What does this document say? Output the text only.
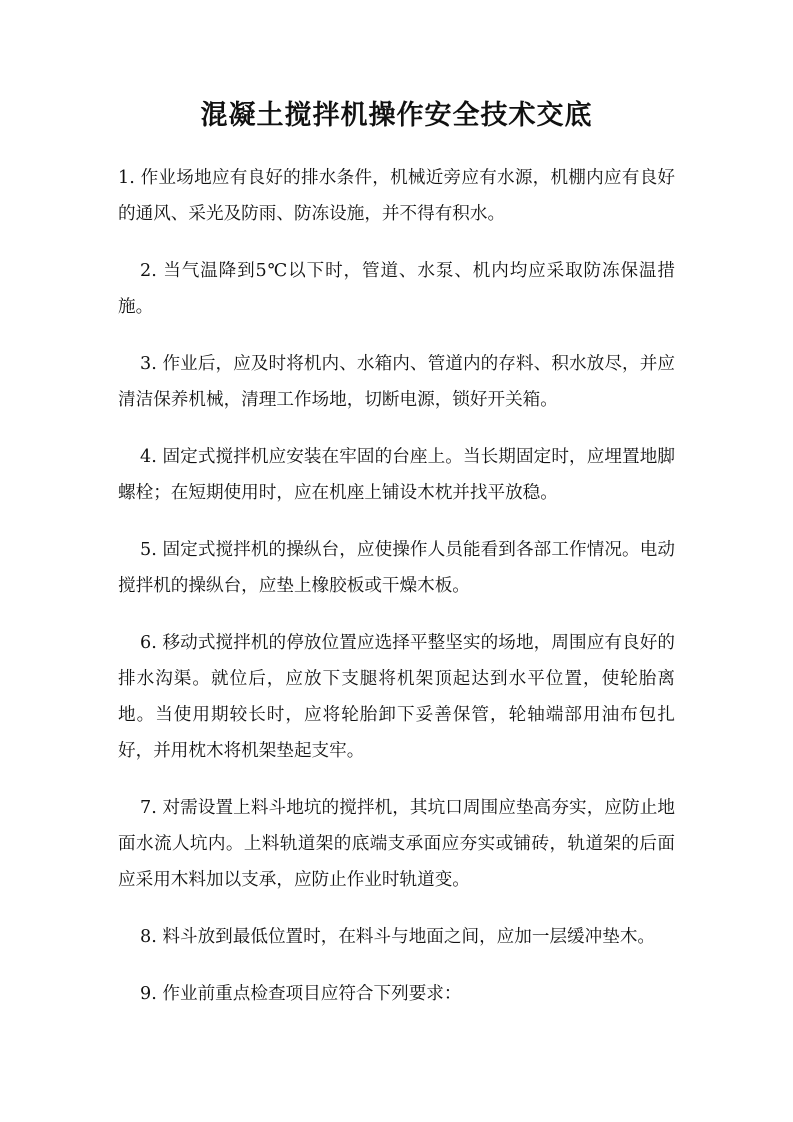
混凝土搅拌机操作安全技术交底

1. 作业场地应有良好的排水条件，机械近旁应有水源，机棚内应有良好的通风、采光及防雨、防冻设施，并不得有积水。

2. 当气温降到5℃以下时，管道、水泵、机内均应采取防冻保温措施。

3. 作业后，应及时将机内、水箱内、管道内的存料、积水放尽，并应清洁保养机械，清理工作场地，切断电源，锁好开关箱。

4. 固定式搅拌机应安装在牢固的台座上。当长期固定时，应埋置地脚螺栓；在短期使用时，应在机座上铺设木枕并找平放稳。

5. 固定式搅拌机的操纵台，应使操作人员能看到各部工作情况。电动搅拌机的操纵台，应垫上橡胶板或干燥木板。

6. 移动式搅拌机的停放位置应选择平整坚实的场地，周围应有良好的排水沟渠。就位后，应放下支腿将机架顶起达到水平位置，使轮胎离地。当使用期较长时，应将轮胎卸下妥善保管，轮轴端部用油布包扎好，并用枕木将机架垫起支牢。

7. 对需设置上料斗地坑的搅拌机，其坑口周围应垫高夯实，应防止地面水流人坑内。上料轨道架的底端支承面应夯实或铺砖，轨道架的后面应采用木料加以支承，应防止作业时轨道变。

8. 料斗放到最低位置时，在料斗与地面之间，应加一层缓冲垫木。

9. 作业前重点检查项目应符合下列要求：
